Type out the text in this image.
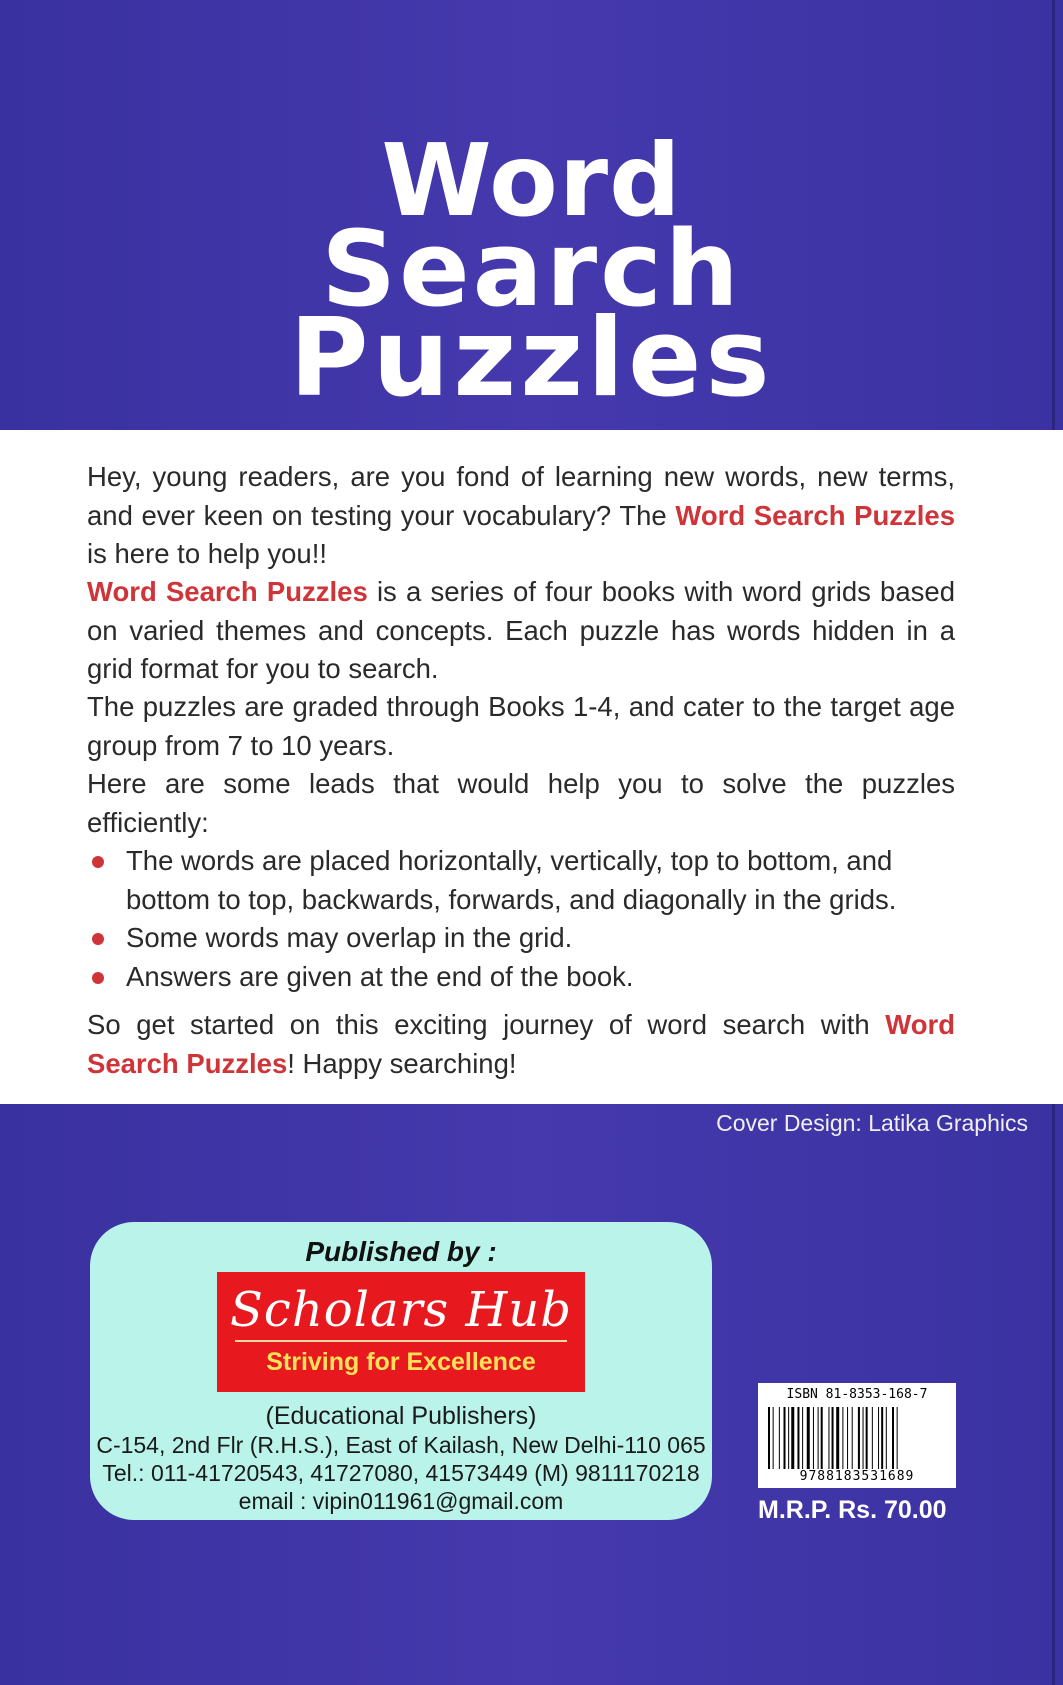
Word
Search
Puzzles

Hey, young readers, are you fond of learning new words, new terms, and ever keen on testing your vocabulary? The Word Search Puzzles is here to help you!!

Word Search Puzzles is a series of four books with word grids based on varied themes and concepts. Each puzzle has words hidden in a grid format for you to search.

The puzzles are graded through Books 1-4, and cater to the target age group from 7 to 10 years.

Here are some leads that would help you to solve the puzzles efficiently:

The words are placed horizontally, vertically, top to bottom, and bottom to top, backwards, forwards, and diagonally in the grids.
Some words may overlap in the grid.
Answers are given at the end of the book.

So get started on this exciting journey of word search with Word Search Puzzles! Happy searching!

Cover Design: Latika Graphics

Published by :

Scholars Hub

Striving for Excellence

(Educational Publishers)

C-154, 2nd Flr (R.H.S.), East of Kailash, New Delhi-110 065

Tel.: 011-41720543, 41727080, 41573449 (M) 9811170218

email : vipin011961@gmail.com

ISBN 81-8353-168-7

9788183531689

M.R.P. Rs. 70.00
